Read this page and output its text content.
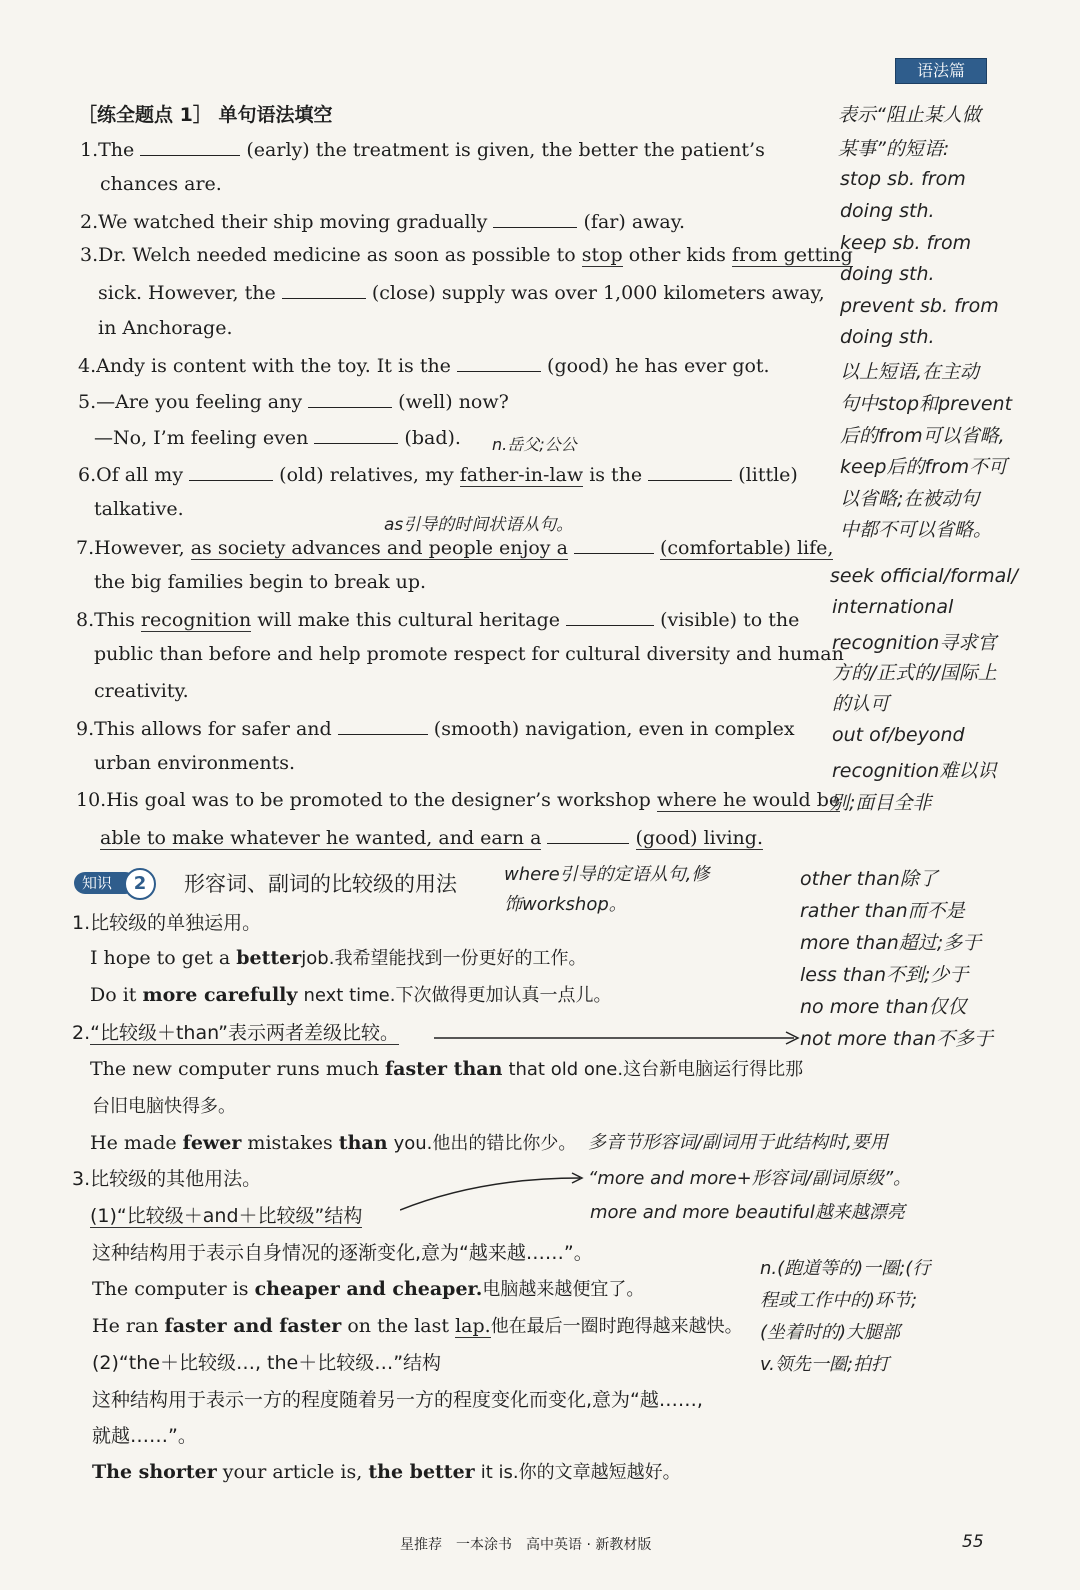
语法篇
［练全题点 1］ 单句语法填空
1.The	(early) the treatment is given, the better the patient’s
chances are.
2.We watched their ship moving gradually	(far) away.
3.Dr. Welch needed medicine as soon as possible to stop other kids from getting
sick. However, the	(close) supply was over 1,000 kilometers away,
in Anchorage.
4.Andy is content with the toy. It is the	(good) he has ever got.
5.—Are you feeling any	(well) now?
—No, I’m feeling even	(bad).
6.Of all my	(old) relatives, my father-in-law is the	(little)
talkative.
7.However, as society advances and people enjoy a	(comfortable) life,
the big families begin to break up.
8.This recognition will make this cultural heritage	(visible) to the
public than before and help promote respect for cultural diversity and human
creativity.
9.This allows for safer and	(smooth) navigation, even in complex
urban environments.
10.His goal was to be promoted to the designer’s workshop where he would be
able to make whatever he wanted, and earn a	(good) living.
表示“阻止某人做
某事”的短语:
stop sb. from
doing sth.
keep sb. from
doing sth.
prevent sb. from
doing sth.
以上短语,在主动
句中stop和prevent
后的from可以省略,
keep后的from不可
以省略;在被动句
中都不可以省略。
n.岳父;公公
as引导的时间状语从句。
seek official/formal/
international
recognition寻求官
方的/正式的/国际上
的认可
out of/beyond
recognition难以识
别;面目全非
知识	2	形容词、副词的比较级的用法	where引导的定语从句,修
饰workshop。
other than除了
rather than而不是
more than超过;多于
less than不到;少于
no more than仅仅
not more than不多于
1.比较级的单独运用。
I hope to get a betterjob.我希望能找到一份更好的工作。
Do it more carefully next time.下次做得更加认真一点儿。
2.“比较级＋than”表示两者差级比较。
The new computer runs much faster than that old one.这台新电脑运行得比那
台旧电脑快得多。
He made fewer mistakes than you.他出的错比你少。 多音节形容词/副词用于此结构时,要用
3.比较级的其他用法。	“more and more+形容词/副词原级”。
more and more beautiful越来越漂亮
(1)“比较级＋and＋比较级”结构
这种结构用于表示自身情况的逐渐变化,意为“越来越……”。
The computer is cheaper and cheaper.电脑越来越便宜了。
He ran faster and faster on the last lap.他在最后一圈时跑得越来越快。
n.(跑道等的)一圈;(行
程或工作中的)环节;
(坐着时的)大腿部
v.领先一圈;拍打
(2)“the＋比较级…, the＋比较级…”结构
这种结构用于表示一方的程度随着另一方的程度变化而变化,意为“越……,
就越……”。
The shorter your article is, the better it is.你的文章越短越好。
星推荐　一本涂书　高中英语 · 新教材版	55
